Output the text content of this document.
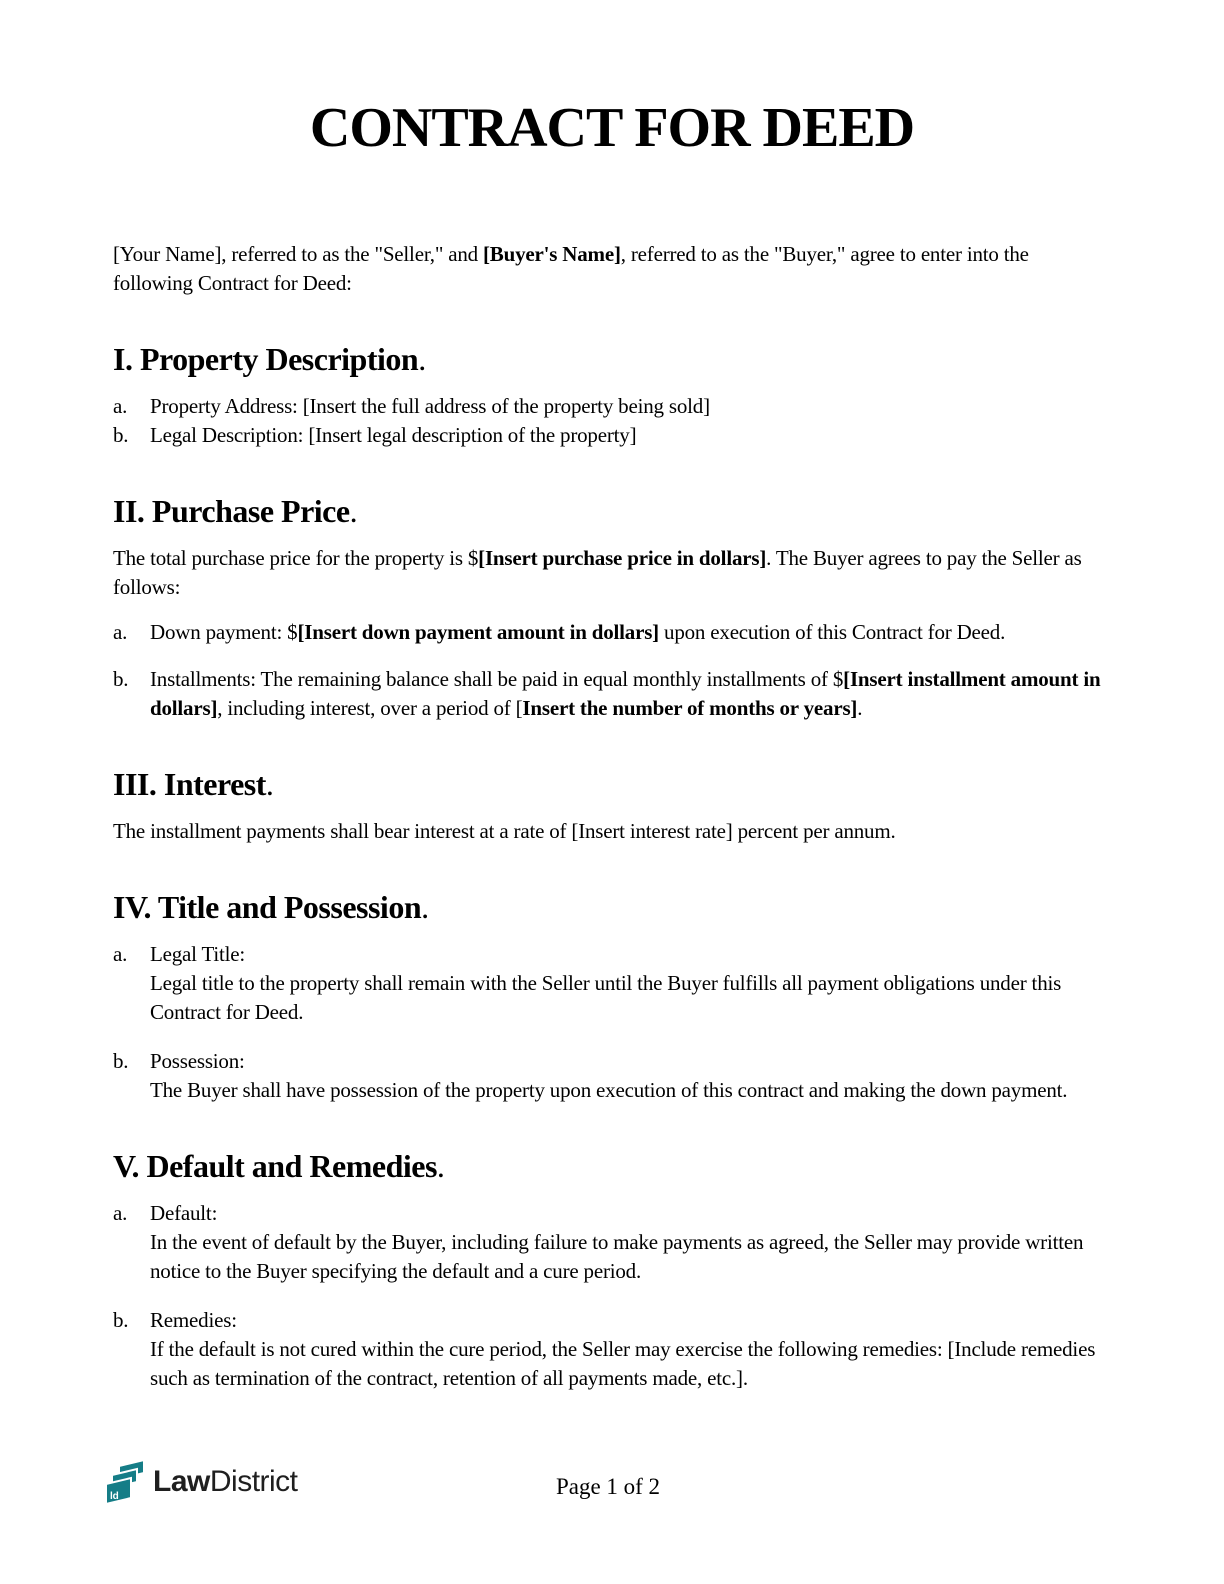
CONTRACT FOR DEED

[Your Name], referred to as the "Seller," and [Buyer's Name], referred to as the "Buyer," agree to enter into the following Contract for Deed:

I. Property Description.
a.	Property Address: [Insert the full address of the property being sold]
b.	Legal Description: [Insert legal description of the property]
II. Purchase Price.

The total purchase price for the property is $[Insert purchase price in dollars]. The Buyer agrees to pay the Seller as follows:

a.	Down payment: $[Insert down payment amount in dollars] upon execution of this Contract for Deed.
b.	Installments: The remaining balance shall be paid in equal monthly installments of $[Insert installment amount in dollars], including interest, over a period of [Insert the number of months or years].
III. Interest.

The installment payments shall bear interest at a rate of [Insert interest rate] percent per annum.

IV. Title and Possession.
a.	Legal Title:

Legal title to the property shall remain with the Seller until the Buyer fulfills all payment obligations under this Contract for Deed.

b.	Possession:

The Buyer shall have possession of the property upon execution of this contract and making the down payment.

V. Default and Remedies.
a.	Default:

In the event of default by the Buyer, including failure to make payments as agreed, the Seller may provide written notice to the Buyer specifying the default and a cure period.

b.	Remedies:

If the default is not cured within the cure period, the Seller may exercise the following remedies: [Include remedies such as termination of the contract, retention of all payments made, etc.].

ld LawDistrict	Page 1 of 2
